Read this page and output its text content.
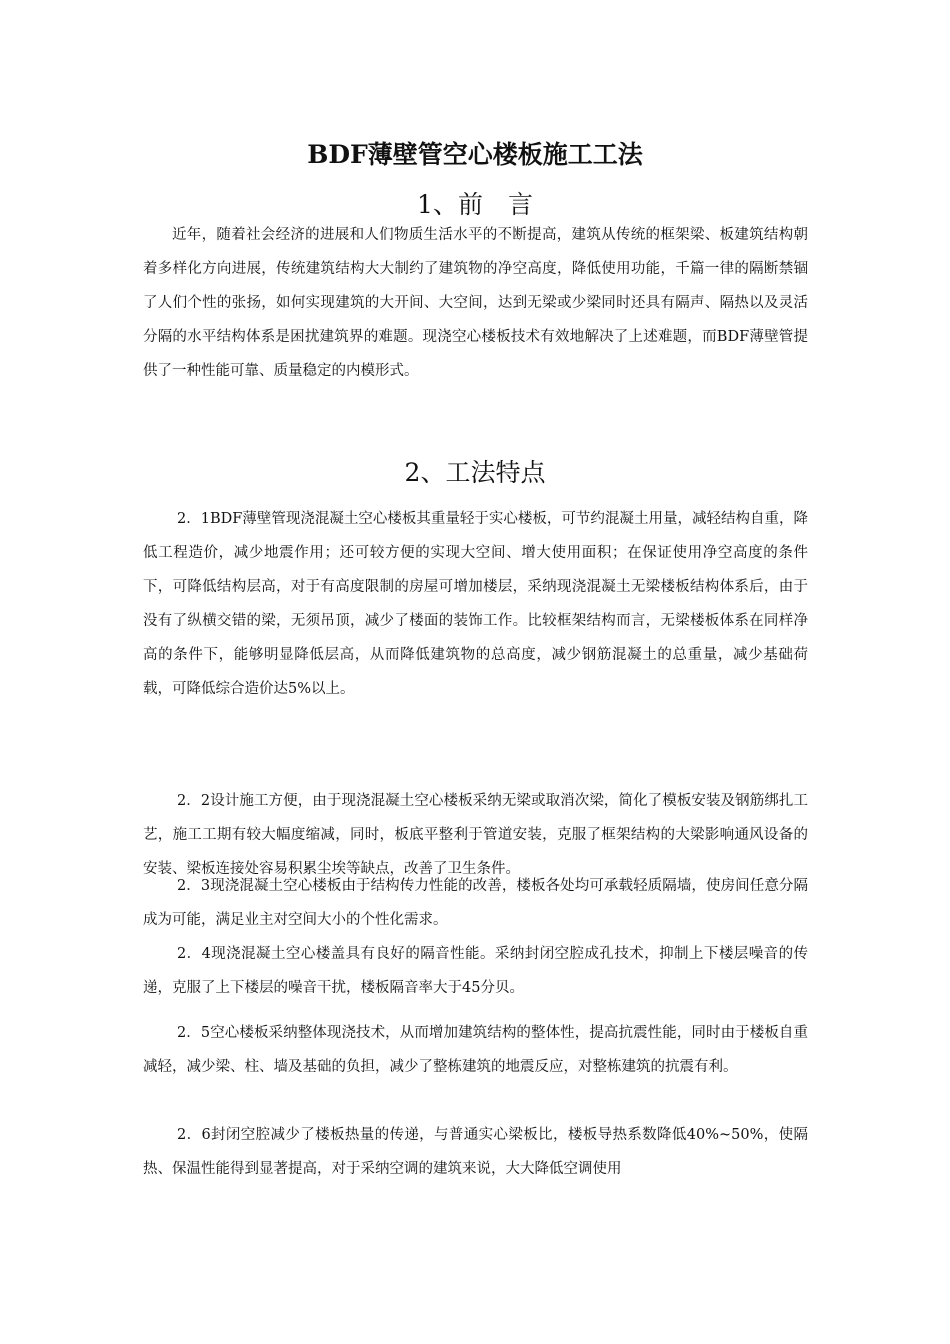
BDF薄壁管空心楼板施工工法
1、前　言

近年，随着社会经济的进展和人们物质生活水平的不断提高，建筑从传统的框架梁、板建筑结构朝着多样化方向进展，传统建筑结构大大制约了建筑物的净空高度，降低使用功能，千篇一律的隔断禁锢了人们个性的张扬，如何实现建筑的大开间、大空间，达到无梁或少梁同时还具有隔声、隔热以及灵活分隔的水平结构体系是困扰建筑界的难题。现浇空心楼板技术有效地解决了上述难题，而BDF薄壁管提供了一种性能可靠、质量稳定的内模形式。

2、工法特点

2．1BDF薄壁管现浇混凝土空心楼板其重量轻于实心楼板，可节约混凝土用量，减轻结构自重，降低工程造价，减少地震作用；还可较方便的实现大空间、增大使用面积；在保证使用净空高度的条件下，可降低结构层高，对于有高度限制的房屋可增加楼层，采纳现浇混凝土无梁楼板结构体系后，由于没有了纵横交错的梁，无须吊顶，减少了楼面的装饰工作。比较框架结构而言，无梁楼板体系在同样净高的条件下，能够明显降低层高，从而降低建筑物的总高度，减少钢筋混凝土的总重量，减少基础荷载，可降低综合造价达5%以上。

2．2设计施工方便，由于现浇混凝土空心楼板采纳无梁或取消次梁，简化了模板安装及钢筋绑扎工艺，施工工期有较大幅度缩减，同时，板底平整利于管道安装，克服了框架结构的大梁影响通风设备的安装、梁板连接处容易积累尘埃等缺点，改善了卫生条件。

2．3现浇混凝土空心楼板由于结构传力性能的改善，楼板各处均可承载轻质隔墙，使房间任意分隔成为可能，满足业主对空间大小的个性化需求。

2．4现浇混凝土空心楼盖具有良好的隔音性能。采纳封闭空腔成孔技术，抑制上下楼层噪音的传递，克服了上下楼层的噪音干扰，楼板隔音率大于45分贝。

2．5空心楼板采纳整体现浇技术，从而增加建筑结构的整体性，提高抗震性能，同时由于楼板自重减轻，减少梁、柱、墙及基础的负担，减少了整栋建筑的地震反应，对整栋建筑的抗震有利。

2．6封闭空腔减少了楼板热量的传递，与普通实心梁板比，楼板导热系数降低40%~50%，使隔热、保温性能得到显著提高，对于采纳空调的建筑来说，大大降低空调使用
